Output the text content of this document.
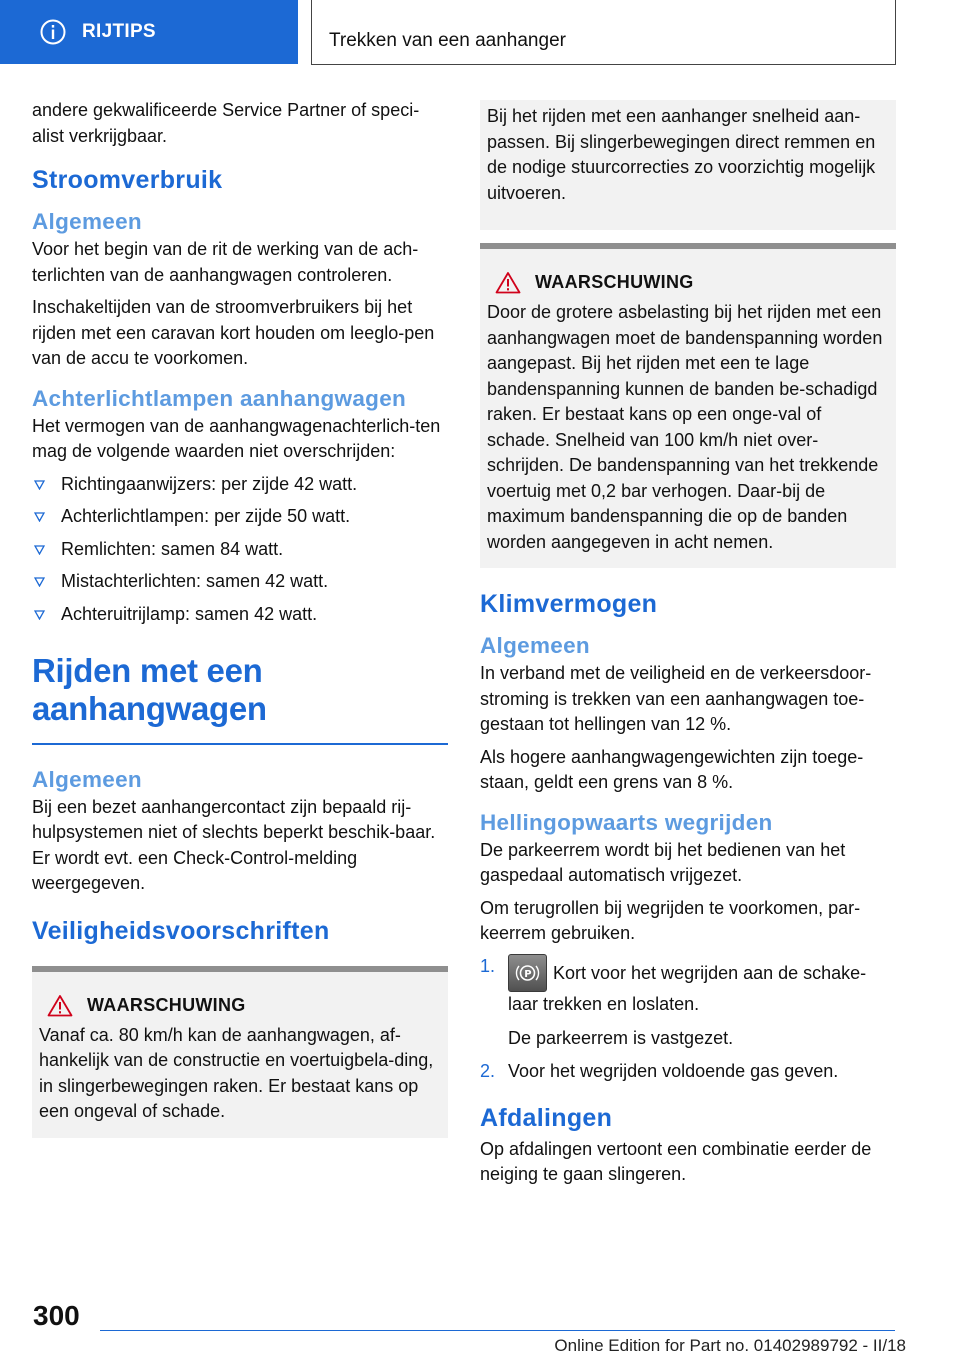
RIJTIPS	Trekken van een aanhanger

andere gekwalificeerde Service Partner of speci-alist verkrijgbaar.

Stroomverbruik
Algemeen

Voor het begin van de rit de werking van de ach-terlichten van de aanhangwagen controleren.

Inschakeltijden van de stroomverbruikers bij het rijden met een caravan kort houden om leeglo-pen van de accu te voorkomen.

Achterlichtlampen aanhangwagen

Het vermogen van de aanhangwagenachterlich-ten mag de volgende waarden niet overschrijden:

Richtingaanwijzers: per zijde 42 watt.
Achterlichtlampen: per zijde 50 watt.
Remlichten: samen 84 watt.
Mistachterlichten: samen 42 watt.
Achteruitrijlamp: samen 42 watt.
Rijden met een aanhangwagen
Algemeen

Bij een bezet aanhangercontact zijn bepaald rij-hulpsystemen niet of slechts beperkt beschik-baar. Er wordt evt. een Check-Control-melding weergegeven.

Veiligheidsvoorschriften
WAARSCHUWING

Vanaf ca. 80 km/h kan de aanhangwagen, af-hankelijk van de constructie en voertuigbela-ding, in slingerbewegingen raken. Er bestaat kans op een ongeval of schade.

Bij het rijden met een aanhanger snelheid aan-passen. Bij slingerbewegingen direct remmen en de nodige stuurcorrecties zo voorzichtig mogelijk uitvoeren.

WAARSCHUWING

Door de grotere asbelasting bij het rijden met een aanhangwagen moet de bandenspanning worden aangepast. Bij het rijden met een te lage bandenspanning kunnen de banden be-schadigd raken. Er bestaat kans op een onge-val of schade. Snelheid van 100 km/h niet over-schrijden. De bandenspanning van het trekkende voertuig met 0,2 bar verhogen. Daar-bij de maximum bandenspanning die op de banden worden aangegeven in acht nemen.

Klimvermogen
Algemeen

In verband met de veiligheid en de verkeersdoor-stroming is trekken van een aanhangwagen toe-gestaan tot hellingen van 12 %.

Als hogere aanhangwagengewichten zijn toege-staan, geldt een grens van 8 %.

Hellingopwaarts wegrijden

De parkeerrem wordt bij het bedienen van het gaspedaal automatisch vrijgezet.

Om terugrollen bij wegrijden te voorkomen, par-keerrem gebruiken.

1.	P Kort voor het wegrijden aan de schake-laar trekken en loslaten.
De parkeerrem is vastgezet.
2. Voor het wegrijden voldoende gas geven.
Afdalingen

Op afdalingen vertoont een combinatie eerder de neiging te gaan slingeren.

300
Online Edition for Part no. 01402989792 - II/18
